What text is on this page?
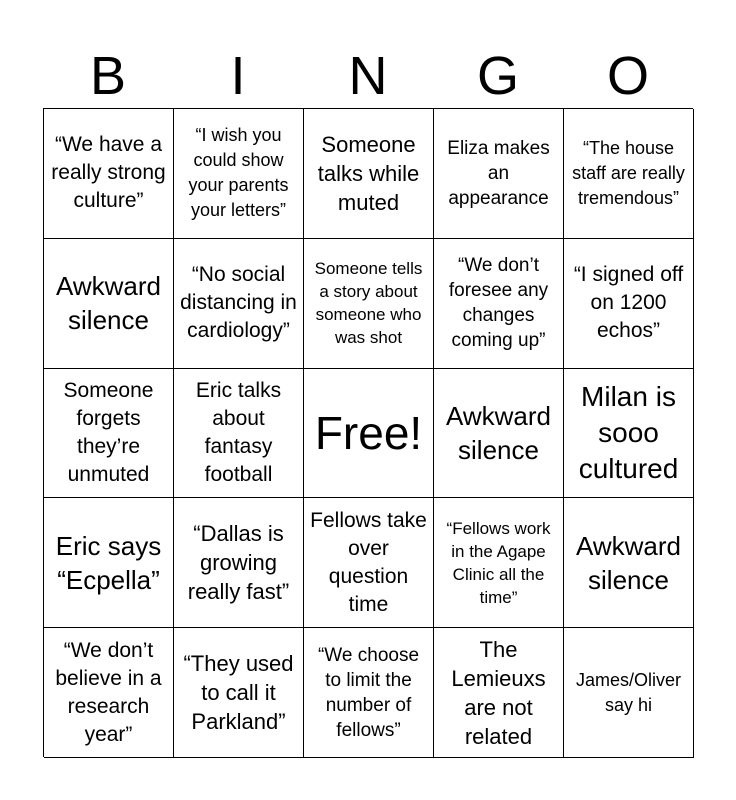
B	I	N	G	O
“We have a really strong culture”
“I wish you could show your parents your letters”
Someone talks while muted
Eliza makes an appearance
“The house staff are really tremendous”
Awkward silence
“No social distancing in cardiology”
Someone tells a story about someone who was shot
“We don’t foresee any changes coming up”
“I signed off on 1200 echos”
Someone forgets they’re unmuted
Eric talks about fantasy football
Free! Awkward silence
Milan is sooo cultured
Eric says “Ecpella”
“Dallas is growing really fast”
Fellows take over question time
“Fellows work in the Agape Clinic all the time”
Awkward silence
“We don’t believe in a research year”
“They used to call it Parkland”
“We choose to limit the number of fellows”
The Lemieuxs are not related
James/Oliver say hi
